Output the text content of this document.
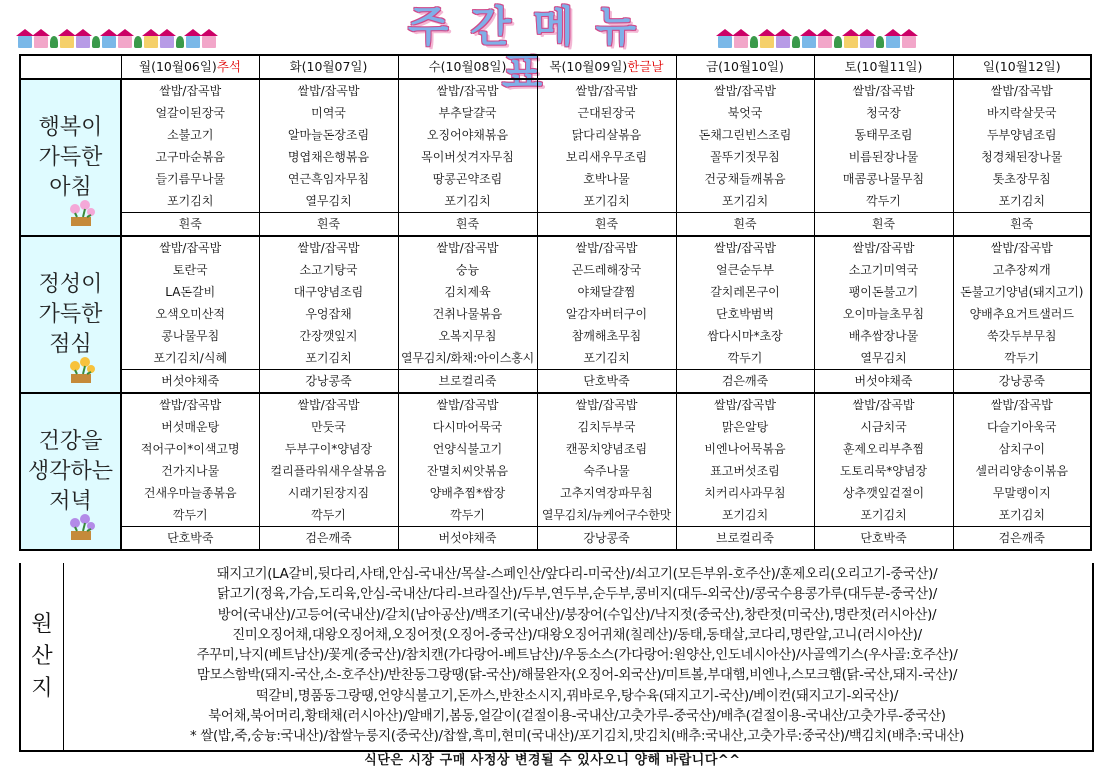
주간메뉴표
	월(10월06일)추석	화(10월07일)	수(10월08일)	목(10월09일)한글날	금(10월10일)	토(10월11일)	일(10월12일)

행복이
가득한
아침	쌀밥/잡곡밥	쌀밥/잡곡밥	쌀밥/잡곡밥	쌀밥/잡곡밥	쌀밥/잡곡밥	쌀밥/잡곡밥	쌀밥/잡곡밥
	얼갈이된장국	미역국	부추달걀국	근대된장국	북엇국	청국장	바지락살뭇국
	소불고기	알마늘돈장조림	오징어야채볶음	닭다리살볶음	돈채그린빈스조림	동태무조림	두부양념조림
	고구마순볶음	명엽채은행볶음	목이버섯겨자무침	보리새우무조림	꼴뚜기젓무침	비름된장나물	청경채된장나물
	들기름무나물	연근흑임자무침	땅콩곤약조림	호박나물	건궁채들깨볶음	매콤콩나물무침	톳초장무침
	포기김치	열무김치	포기김치	포기김치	포기김치	깍두기	포기김치
	흰죽	흰죽	흰죽	흰죽	흰죽	흰죽	흰죽

정성이
가득한
점심	쌀밥/잡곡밥	쌀밥/잡곡밥	쌀밥/잡곡밥	쌀밥/잡곡밥	쌀밥/잡곡밥	쌀밥/잡곡밥	쌀밥/잡곡밥
	토란국	소고기탕국	숭늉	곤드레해장국	얼큰순두부	소고기미역국	고추장찌개
	LA돈갈비	대구양념조림	김치제육	야채달걀찜	갈치레몬구이	팽이돈불고기	돈불고기양념(돼지고기)
	오색오미산적	우엉잡채	건취나물볶음	알감자버터구이	단호박범벅	오이마늘초무침	양배추요거트샐러드
	콩나물무침	간장깻잎지	오복지무침	참깨해초무침	쌈다시마*초장	배추쌈장나물	쑥갓두부무침
	포기김치/식혜	포기김치	열무김치/화채:아이스홍시	포기김치	깍두기	열무김치	깍두기
	버섯야채죽	강낭콩죽	브로컬리죽	단호박죽	검은깨죽	버섯야채죽	강낭콩죽

건강을
생각하는
저녁	쌀밥/잡곡밥	쌀밥/잡곡밥	쌀밥/잡곡밥	쌀밥/잡곡밥	쌀밥/잡곡밥	쌀밥/잡곡밥	쌀밥/잡곡밥
	버섯매운탕	만둣국	다시마어묵국	김치두부국	맑은알탕	시금치국	다슬기아욱국
	적어구이*이색고명	두부구이*양념장	언양식불고기	캔꽁치양념조림	비엔나어묵볶음	훈제오리부추찜	삼치구이
	건가지나물	컬리플라워새우살볶음	잔멸치씨앗볶음	숙주나물	표고버섯조림	도토리묵*양념장	셀러리양송이볶음
	건새우마늘종볶음	시래기된장지짐	양배추찜*쌈장	고추지역장파무침	치커리사과무침	상추깻잎겉절이	무말랭이지
	깍두기	깍두기	깍두기	열무김치/뉴케어구수한맛	포기김치	포기김치	포기김치
	단호박죽	검은깨죽	버섯야채죽	강낭콩죽	브로컬리죽	단호박죽	검은깨죽
원
산
지
돼지고기(LA갈비,뒷다리,사태,안심-국내산/목살-스페인산/앞다리-미국산)/쇠고기(모든부위-호주산)/훈제오리(오리고기-중국산)/
닭고기(정육,가슴,도리육,안심-국내산/다리-브라질산)/두부,연두부,순두부,콩비지(대두-외국산)/콩국수용콩가루(대두분-중국산)/
방어(국내산)/고등어(국내산)/갈치(남아공산)/백조기(국내산)/붕장어(수입산)/낙지젓(중국산),창란젓(미국산),명란젓(러시아산)/
진미오징어채,대왕오징어채,오징어젓(오징어-중국산)/대왕오징어귀채(칠레산)/동태,동태살,코다리,명란알,고니(러시아산)/
주꾸미,낙지(베트남산)/꽃게(중국산)/참치캔(가다랑어-베트남산)/우동소스(가다랑어:원양산,인도네시아산)/사골엑기스(우사골:호주산)/
맘모스함박(돼지-국산,소-호주산)/반찬동그랑땡(닭-국산)/해물완자(오징어-외국산)/미트볼,부대햄,비엔나,스모크햄(닭-국산,돼지-국산)/
떡갈비,명품동그랑땡,언양식불고기,돈까스,반찬소시지,꿔바로우,탕수육(돼지고기-국산)/베이컨(돼지고기-외국산)/
북어채,북어머리,황태채(러시아산)/알배기,봄동,얼갈이(겉절이용-국내산/고춧가루-중국산)/배추(겉절이용-국내산/고춧가루-중국산)
* 쌀(밥,죽,숭늉:국내산)/찹쌀누룽지(중국산)/찹쌀,흑미,현미(국내산)/포기김치,맛김치(배추:국내산,고춧가루:중국산)/백김치(배추:국내산)
식단은 시장 구매 사정상 변경될 수 있사오니 양해 바랍니다^^
